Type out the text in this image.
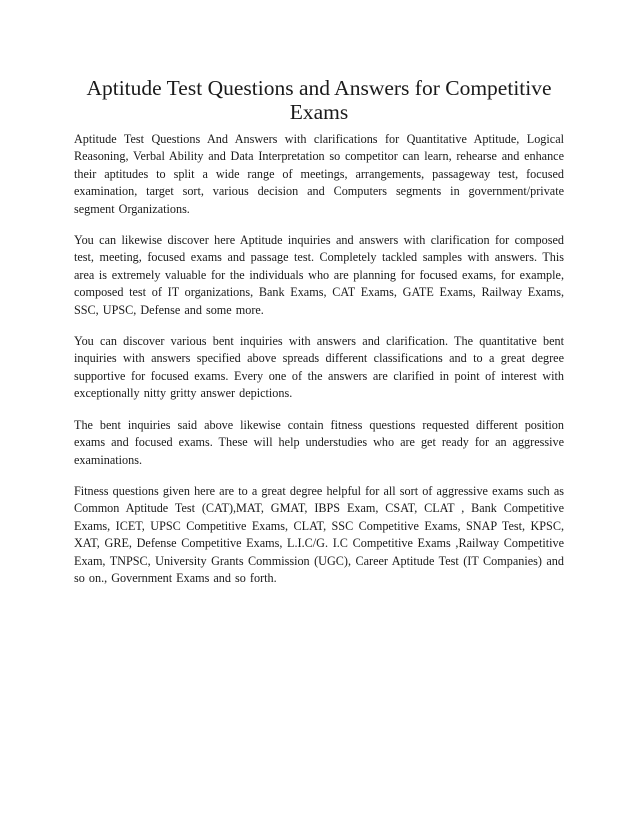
Aptitude Test Questions and Answers for Competitive Exams

Aptitude Test Questions And Answers with clarifications for Quantitative Aptitude, Logical Reasoning, Verbal Ability and Data Interpretation so competitor can learn, rehearse and enhance their aptitudes to split a wide range of meetings, arrangements, passageway test, focused examination, target sort, various decision and Computers segments in government/private segment Organizations.

You can likewise discover here Aptitude inquiries and answers with clarification for composed test, meeting, focused exams and passage test. Completely tackled samples with answers. This area is extremely valuable for the individuals who are planning for focused exams, for example, composed test of IT organizations, Bank Exams, CAT Exams, GATE Exams, Railway Exams, SSC, UPSC, Defense and some more.

You can discover various bent inquiries with answers and clarification. The quantitative bent inquiries with answers specified above spreads different classifications and to a great degree supportive for focused exams. Every one of the answers are clarified in point of interest with exceptionally nitty gritty answer depictions.

The bent inquiries said above likewise contain fitness questions requested different position exams and focused exams. These will help understudies who are get ready for an aggressive examinations.

Fitness questions given here are to a great degree helpful for all sort of aggressive exams such as Common Aptitude Test (CAT),MAT, GMAT, IBPS Exam, CSAT, CLAT , Bank Competitive Exams, ICET, UPSC Competitive Exams, CLAT, SSC Competitive Exams, SNAP Test, KPSC, XAT, GRE, Defense Competitive Exams, L.I.C/G. I.C Competitive Exams ,Railway Competitive Exam, TNPSC, University Grants Commission (UGC), Career Aptitude Test (IT Companies) and so on., Government Exams and so forth.
